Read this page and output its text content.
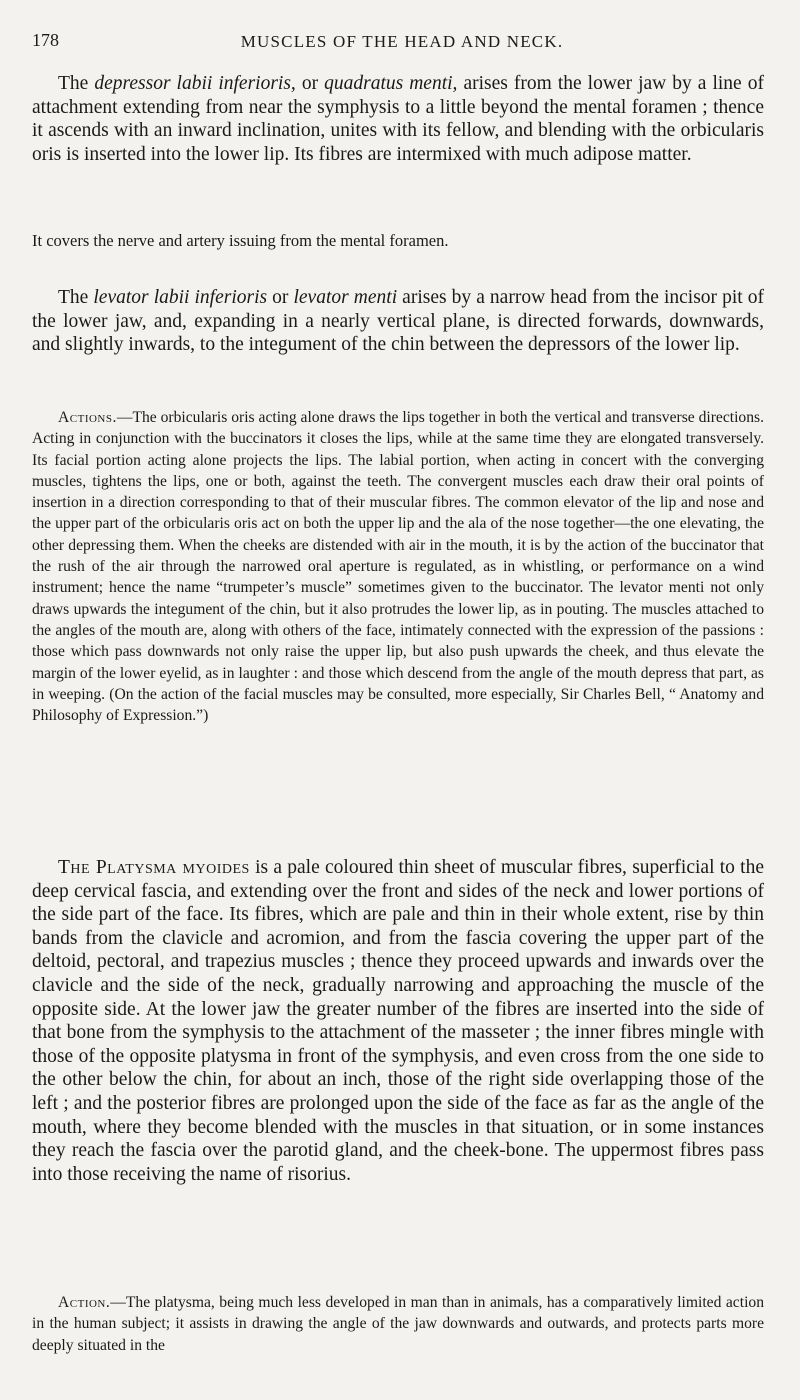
178	MUSCLES OF THE HEAD AND NECK.

The depressor labii inferioris, or quadratus menti, arises from the lower jaw by a line of attachment extending from near the symphysis to a little beyond the mental foramen ; thence it ascends with an inward inclination, unites with its fellow, and blending with the orbicularis oris is inserted into the lower lip. Its fibres are intermixed with much adipose matter.

It covers the nerve and artery issuing from the mental foramen.

The levator labii inferioris or levator menti arises by a narrow head from the incisor pit of the lower jaw, and, expanding in a nearly vertical plane, is directed forwards, downwards, and slightly inwards, to the integument of the chin between the depressors of the lower lip.

Actions.—The orbicularis oris acting alone draws the lips together in both the vertical and transverse directions. Acting in conjunction with the buccinators it closes the lips, while at the same time they are elongated transversely. Its facial portion acting alone projects the lips. The labial portion, when acting in concert with the converging muscles, tightens the lips, one or both, against the teeth. The convergent muscles each draw their oral points of insertion in a direction corresponding to that of their muscular fibres. The common elevator of the lip and nose and the upper part of the orbicularis oris act on both the upper lip and the ala of the nose together—the one elevating, the other depressing them. When the cheeks are distended with air in the mouth, it is by the action of the buccinator that the rush of the air through the narrowed oral aperture is regulated, as in whistling, or performance on a wind instrument; hence the name “trumpeter’s muscle” sometimes given to the buccinator. The levator menti not only draws upwards the integument of the chin, but it also protrudes the lower lip, as in pouting. The muscles attached to the angles of the mouth are, along with others of the face, intimately connected with the expression of the passions : those which pass downwards not only raise the upper lip, but also push upwards the cheek, and thus elevate the margin of the lower eyelid, as in laughter : and those which descend from the angle of the mouth depress that part, as in weeping. (On the action of the facial muscles may be consulted, more especially, Sir Charles Bell, “ Anatomy and Philosophy of Expression.”)

The Platysma myoides is a pale coloured thin sheet of muscular fibres, superficial to the deep cervical fascia, and extending over the front and sides of the neck and lower portions of the side part of the face. Its fibres, which are pale and thin in their whole extent, rise by thin bands from the clavicle and acromion, and from the fascia covering the upper part of the deltoid, pectoral, and trapezius muscles ; thence they proceed upwards and inwards over the clavicle and the side of the neck, gradually narrowing and approaching the muscle of the opposite side. At the lower jaw the greater number of the fibres are inserted into the side of that bone from the symphysis to the attachment of the masseter ; the inner fibres mingle with those of the opposite platysma in front of the symphysis, and even cross from the one side to the other below the chin, for about an inch, those of the right side overlapping those of the left ; and the posterior fibres are prolonged upon the side of the face as far as the angle of the mouth, where they become blended with the muscles in that situation, or in some instances they reach the fascia over the parotid gland, and the cheek-bone. The uppermost fibres pass into those receiving the name of risorius.

Action.—The platysma, being much less developed in man than in animals, has a comparatively limited action in the human subject; it assists in drawing the angle of the jaw downwards and outwards, and protects parts more deeply situated in the
